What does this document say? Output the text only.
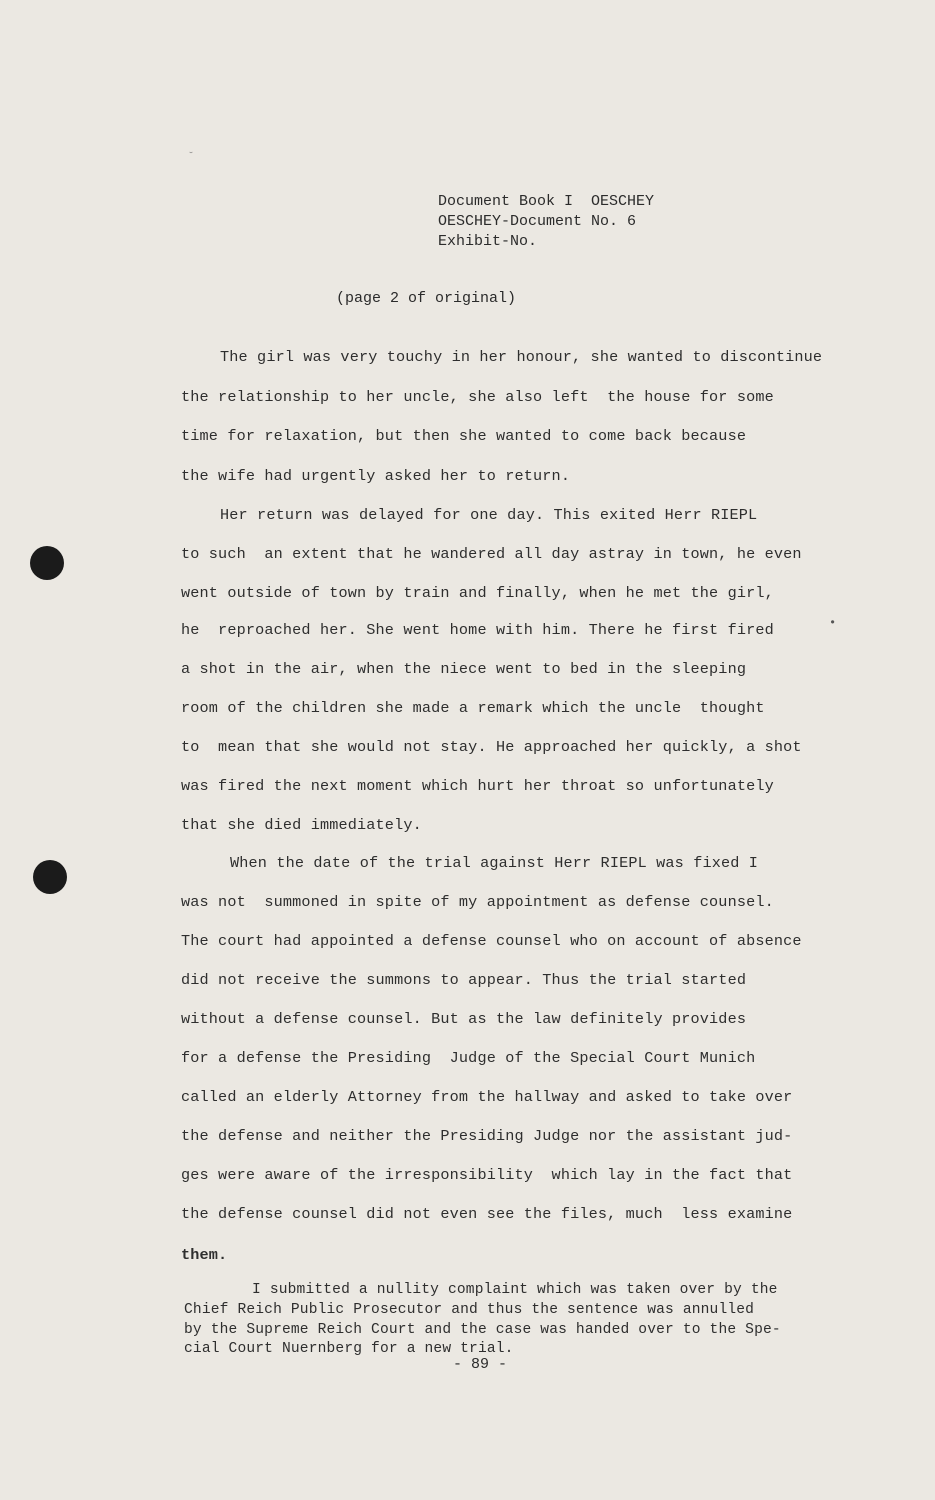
˘
•
Document Book I  OESCHEY
OESCHEY-Document No. 6
Exhibit-No.
(page 2 of original)
The girl was very touchy in her honour, she wanted to discontinue
the relationship to her uncle, she also left  the house for some
time for relaxation, but then she wanted to come back because
the wife had urgently asked her to return.
Her return was delayed for one day. This exited Herr RIEPL
to such  an extent that he wandered all day astray in town, he even
went outside of town by train and finally, when he met the girl,
he  reproached her. She went home with him. There he first fired
a shot in the air, when the niece went to bed in the sleeping
room of the children she made a remark which the uncle  thought
to  mean that she would not stay. He approached her quickly, a shot
was fired the next moment which hurt her throat so unfortunately
that she died immediately.
When the date of the trial against Herr RIEPL was fixed I
was not  summoned in spite of my appointment as defense counsel.
The court had appointed a defense counsel who on account of absence
did not receive the summons to appear. Thus the trial started
without a defense counsel. But as the law definitely provides
for a defense the Presiding  Judge of the Special Court Munich
called an elderly Attorney from the hallway and asked to take over
the defense and neither the Presiding Judge nor the assistant jud-
ges were aware of the irresponsibility  which lay in the fact that
the defense counsel did not even see the files, much  less examine
them.
I submitted a nullity complaint which was taken over by the
Chief Reich Public Prosecutor and thus the sentence was annulled
by the Supreme Reich Court and the case was handed over to the Spe-
cial Court Nuernberg for a new trial.
- 89 -
